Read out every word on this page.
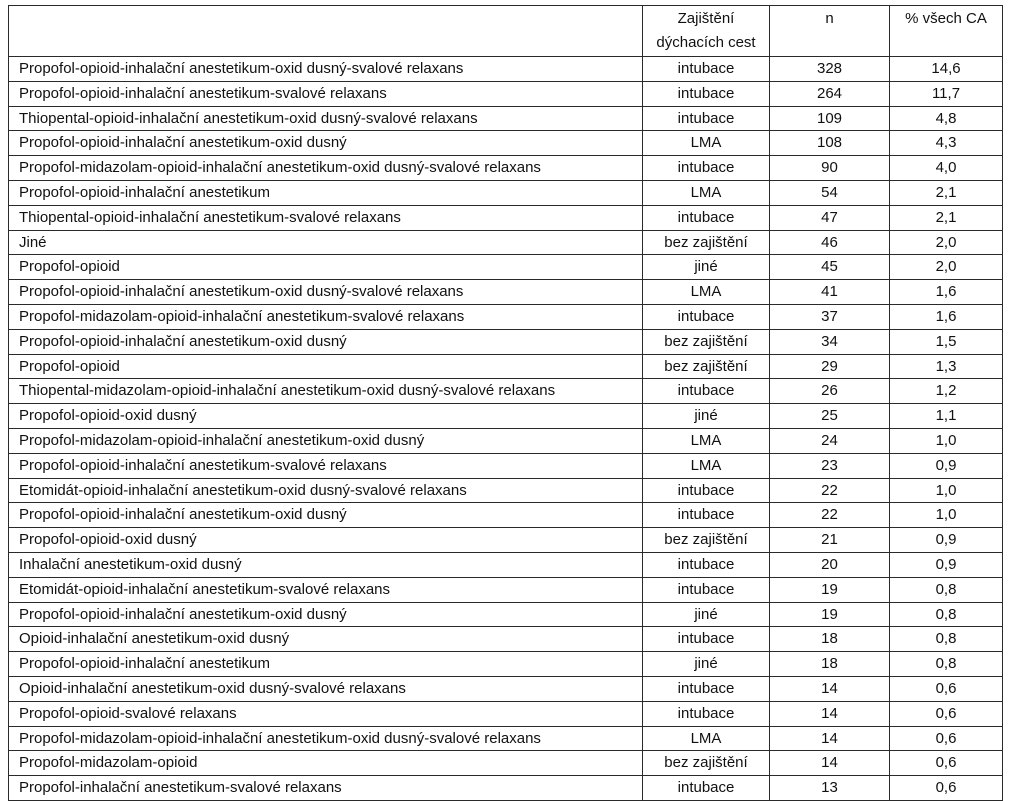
	Zajištění dýchacích cest	n	% všech CA
Propofol-opioid-inhalační anestetikum-oxid dusný-svalové relaxans	intubace	328	14,6
Propofol-opioid-inhalační anestetikum-svalové relaxans	intubace	264	11,7
Thiopental-opioid-inhalační anestetikum-oxid dusný-svalové relaxans	intubace	109	4,8
Propofol-opioid-inhalační anestetikum-oxid dusný	LMA	108	4,3
Propofol-midazolam-opioid-inhalační anestetikum-oxid dusný-svalové relaxans	intubace	90	4,0
Propofol-opioid-inhalační anestetikum	LMA	54	2,1
Thiopental-opioid-inhalační anestetikum-svalové relaxans	intubace	47	2,1
Jiné	bez zajištění	46	2,0
Propofol-opioid	jiné	45	2,0
Propofol-opioid-inhalační anestetikum-oxid dusný-svalové relaxans	LMA	41	1,6
Propofol-midazolam-opioid-inhalační anestetikum-svalové relaxans	intubace	37	1,6
Propofol-opioid-inhalační anestetikum-oxid dusný	bez zajištění	34	1,5
Propofol-opioid	bez zajištění	29	1,3
Thiopental-midazolam-opioid-inhalační anestetikum-oxid dusný-svalové relaxans	intubace	26	1,2
Propofol-opioid-oxid dusný	jiné	25	1,1
Propofol-midazolam-opioid-inhalační anestetikum-oxid dusný	LMA	24	1,0
Propofol-opioid-inhalační anestetikum-svalové relaxans	LMA	23	0,9
Etomidát-opioid-inhalační anestetikum-oxid dusný-svalové relaxans	intubace	22	1,0
Propofol-opioid-inhalační anestetikum-oxid dusný	intubace	22	1,0
Propofol-opioid-oxid dusný	bez zajištění	21	0,9
Inhalační anestetikum-oxid dusný	intubace	20	0,9
Etomidát-opioid-inhalační anestetikum-svalové relaxans	intubace	19	0,8
Propofol-opioid-inhalační anestetikum-oxid dusný	jiné	19	0,8
Opioid-inhalační anestetikum-oxid dusný	intubace	18	0,8
Propofol-opioid-inhalační anestetikum	jiné	18	0,8
Opioid-inhalační anestetikum-oxid dusný-svalové relaxans	intubace	14	0,6
Propofol-opioid-svalové relaxans	intubace	14	0,6
Propofol-midazolam-opioid-inhalační anestetikum-oxid dusný-svalové relaxans	LMA	14	0,6
Propofol-midazolam-opioid	bez zajištění	14	0,6
Propofol-inhalační anestetikum-svalové relaxans	intubace	13	0,6
